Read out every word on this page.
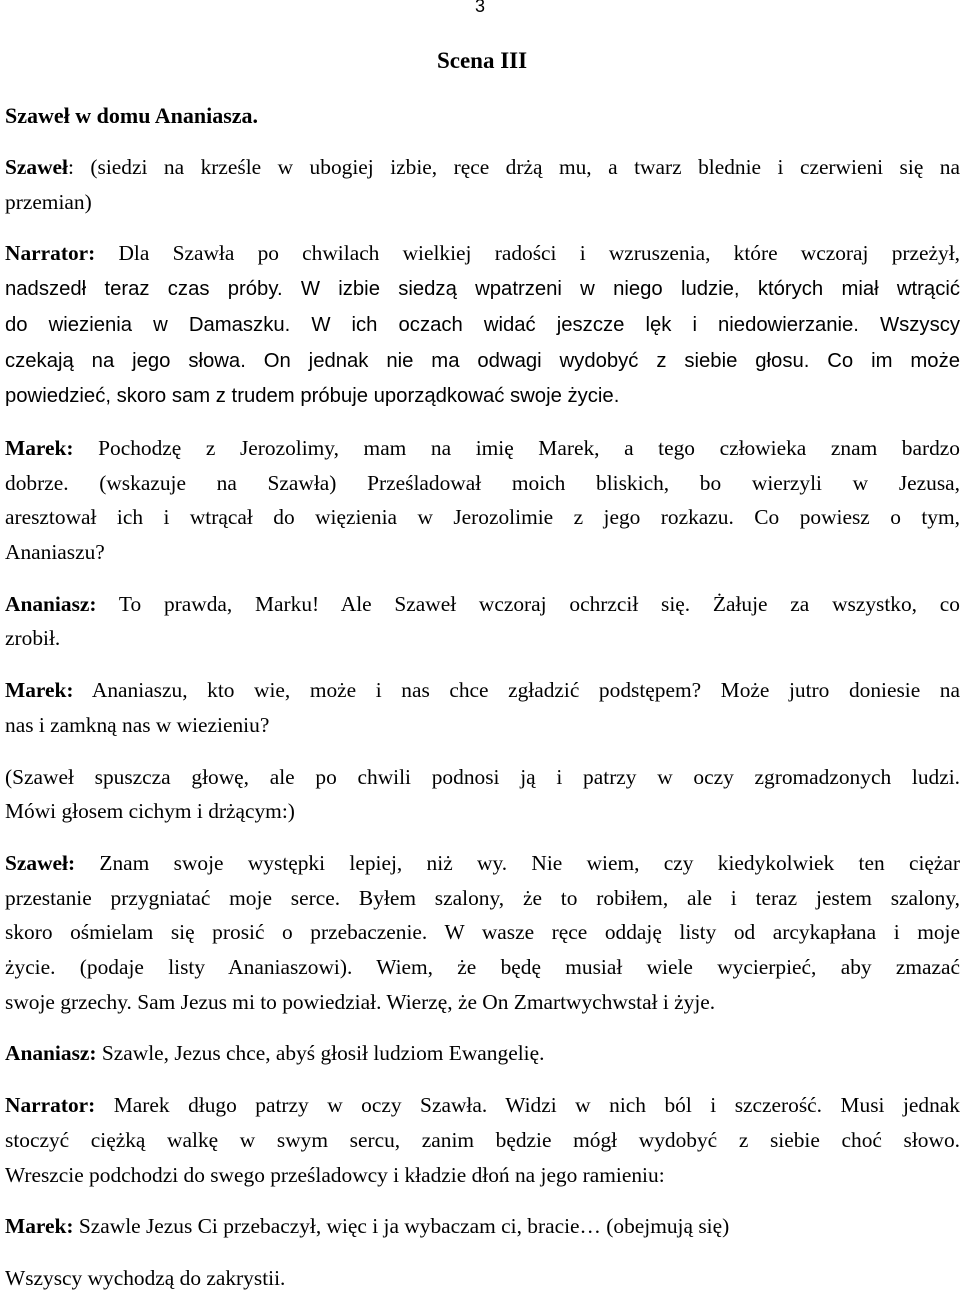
3
Scena III
Szaweł w domu Ananiasza.
Szaweł: (siedzi na krześle w ubogiej izbie, ręce drżą mu, a twarz blednie i czerwieni się na
przemian)
Narrator: Dla Szawła po chwilach wielkiej radości i wzruszenia, które wczoraj przeżył,
nadszedł teraz czas próby. W izbie siedzą wpatrzeni w niego ludzie, których miał wtrącić
do wiezienia w Damaszku. W ich oczach widać jeszcze lęk i niedowierzanie. Wszyscy
czekają na jego słowa. On jednak nie ma odwagi wydobyć z siebie głosu. Co im może
powiedzieć, skoro sam z trudem próbuje uporządkować swoje życie.
Marek: Pochodzę z Jerozolimy, mam na imię Marek, a tego człowieka znam bardzo
dobrze. (wskazuje na Szawła) Prześladował moich bliskich, bo wierzyli w Jezusa,
aresztował ich i wtrącał do więzienia w Jerozolimie z jego rozkazu. Co powiesz o tym,
Ananiaszu?
Ananiasz: To prawda, Marku! Ale Szaweł wczoraj ochrzcił się. Żałuje za wszystko, co
zrobił.
Marek: Ananiaszu, kto wie, może i nas chce zgładzić podstępem? Może jutro doniesie na
nas i zamkną nas w wiezieniu?
(Szaweł spuszcza głowę, ale po chwili podnosi ją i patrzy w oczy zgromadzonych ludzi.
Mówi głosem cichym i drżącym:)
Szaweł: Znam swoje występki lepiej, niż wy. Nie wiem, czy kiedykolwiek ten ciężar
przestanie przygniatać moje serce. Byłem szalony, że to robiłem, ale i teraz jestem szalony,
skoro ośmielam się prosić o przebaczenie. W wasze ręce oddaję listy od arcykapłana i moje
życie. (podaje listy Ananiaszowi). Wiem, że będę musiał wiele wycierpieć, aby zmazać
swoje grzechy. Sam Jezus mi to powiedział. Wierzę, że On Zmartwychwstał i żyje.
Ananiasz: Szawle, Jezus chce, abyś głosił ludziom Ewangelię.
Narrator: Marek długo patrzy w oczy Szawła. Widzi w nich ból i szczerość. Musi jednak
stoczyć ciężką walkę w swym sercu, zanim będzie mógł wydobyć z siebie choć słowo.
Wreszcie podchodzi do swego prześladowcy i kładzie dłoń na jego ramieniu:
Marek: Szawle Jezus Ci przebaczył, więc i ja wybaczam ci, bracie… (obejmują się)
Wszyscy wychodzą do zakrystii.
